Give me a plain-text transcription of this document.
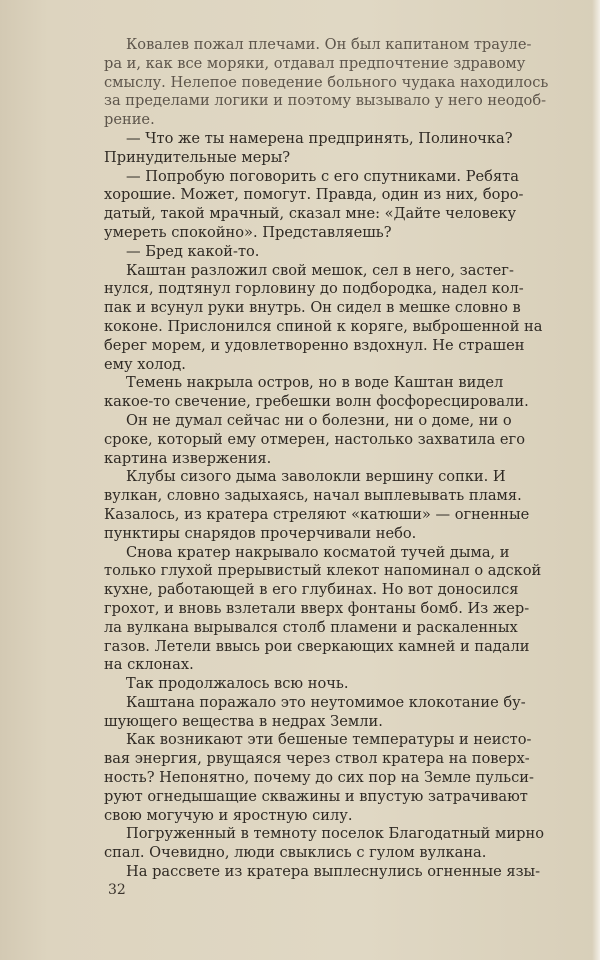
Ковалев пожал плечами. Он был капитаном трауле-
ра и, как все моряки, отдавал предпочтение здравому
смыслу. Нелепое поведение больного чудака находилось
за пределами логики и поэтому вызывало у него неодоб-
рение.
— Что же ты намерена предпринять, Полиночка?
Принудительные меры?
— Попробую поговорить с его спутниками. Ребята
хорошие. Может, помогут. Правда, один из них, боро-
датый, такой мрачный, сказал мне: «Дайте человеку
умереть спокойно». Представляешь?
— Бред какой-то.
Каштан разложил свой мешок, сел в него, застег-
нулся, подтянул горловину до подбородка, надел кол-
пак и всунул руки внутрь. Он сидел в мешке словно в
коконе. Прислонился спиной к коряге, выброшенной на
берег морем, и удовлетворенно вздохнул. Не страшен
ему холод.
Темень накрыла остров, но в воде Каштан видел
какое-то свечение, гребешки волн фосфоресцировали.
Он не думал сейчас ни о болезни, ни о доме, ни о
сроке, который ему отмерен, настолько захватила его
картина извержения.
Клубы сизого дыма заволокли вершину сопки. И
вулкан, словно задыхаясь, начал выплевывать пламя.
Казалось, из кратера стреляют «катюши» — огненные
пунктиры снарядов прочерчивали небо.
Снова кратер накрывало косматой тучей дыма, и
только глухой прерывистый клекот напоминал о адской
кухне, работающей в его глубинах. Но вот доносился
грохот, и вновь взлетали вверх фонтаны бомб. Из жер-
ла вулкана вырывался столб пламени и раскаленных
газов. Летели ввысь рои сверкающих камней и падали
на склонах.
Так продолжалось всю ночь.
Каштана поражало это неутомимое клокотание бу-
шующего вещества в недрах Земли.
Как возникают эти бешеные температуры и неисто-
вая энергия, рвущаяся через ствол кратера на поверх-
ность? Непонятно, почему до сих пор на Земле пульси-
руют огнедышащие скважины и впустую затрачивают
свою могучую и яростную силу.
Погруженный в темноту поселок Благодатный мирно
спал. Очевидно, люди свыклись с гулом вулкана.
На рассвете из кратера выплеснулись огненные язы-
32
